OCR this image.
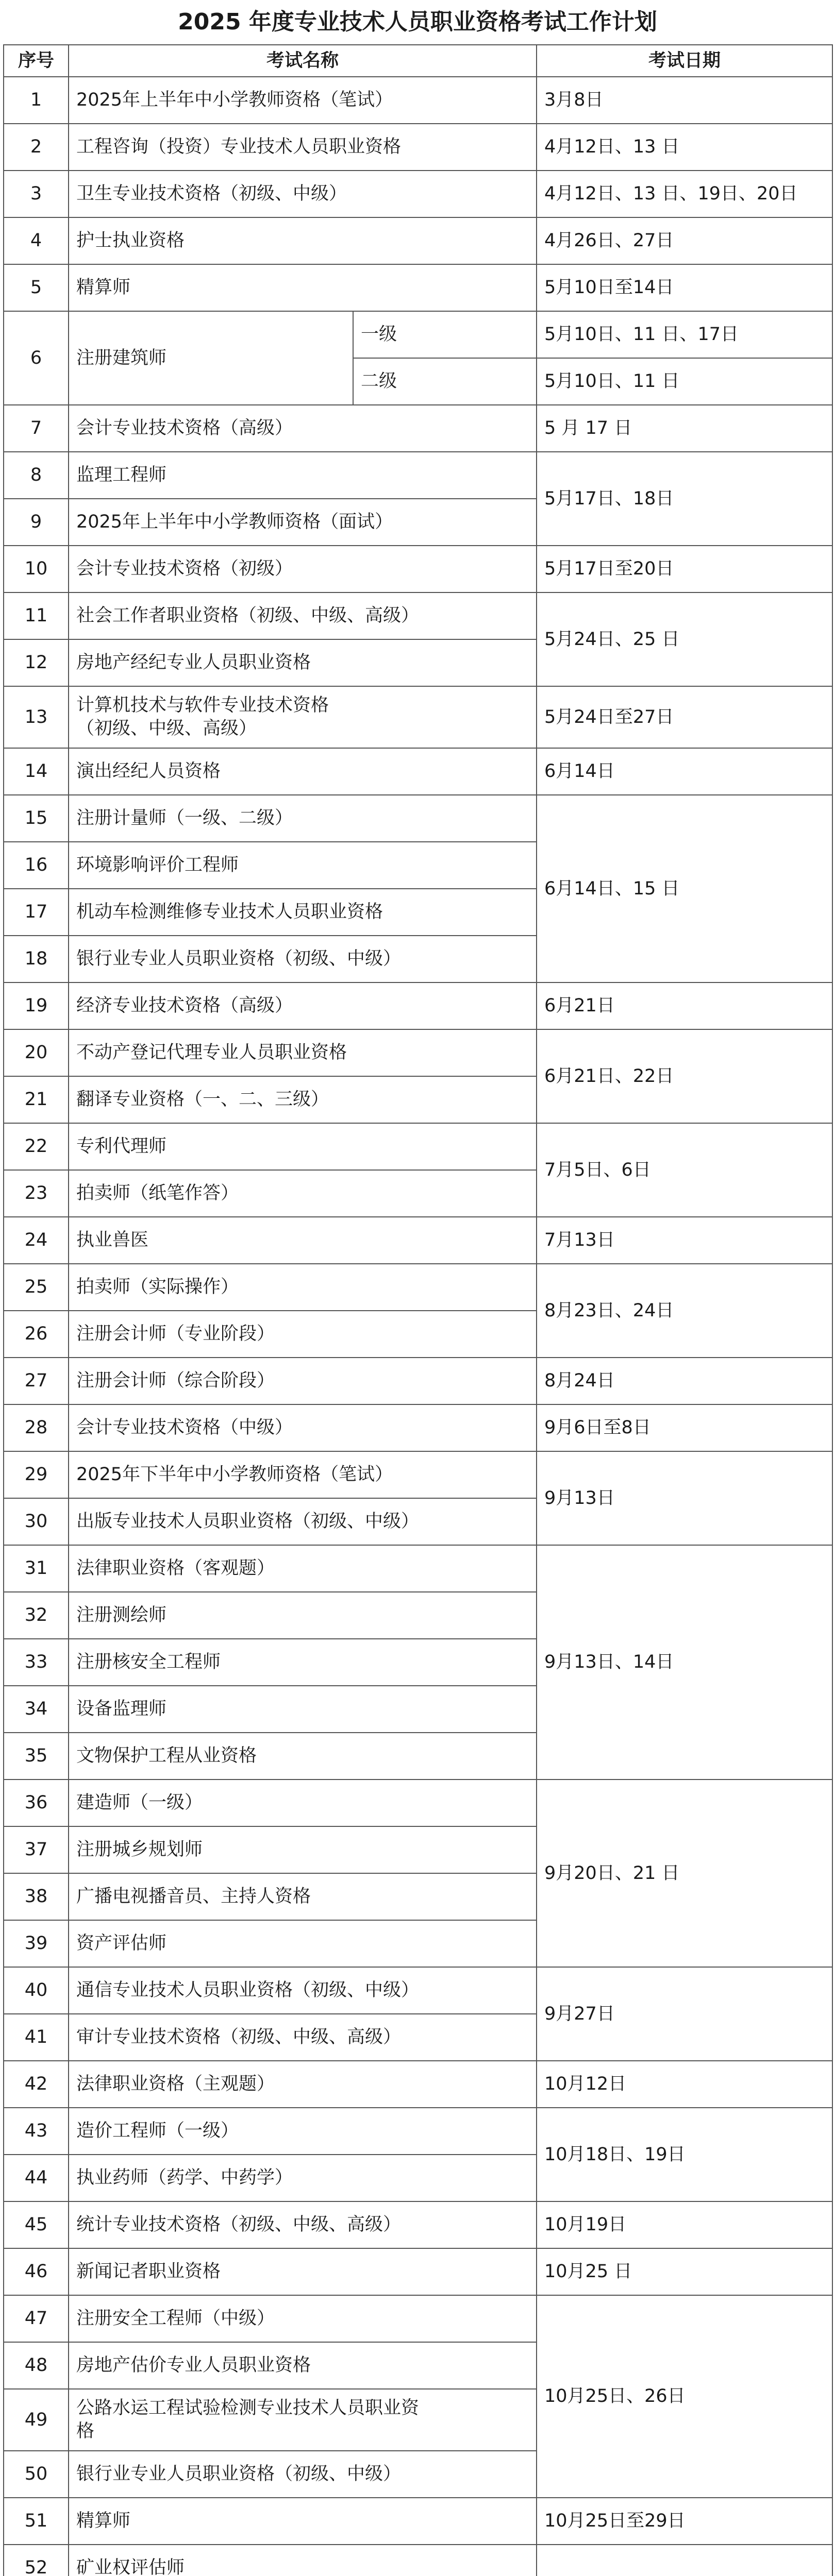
2025 年度专业技术人员职业资格考试工作计划
序号	考试名称				考试日期
1	2025年上半年中小学教师资格（笔试）				3月8日
2	工程咨询（投资）专业技术人员职业资格				4月12日、13 日
3	卫生专业技术资格（初级、中级）				4月12日、13 日、19日、20日
4	护士执业资格				4月26日、27日
5	精算师				5月10日至14日
6	注册建筑师			一级	5月10日、11 日、17日
				二级	5月10日、11 日
7	会计专业技术资格（高级）				5 月 17 日
8	监理工程师				5月17日、18日
9	2025年上半年中小学教师资格（面试）				
10	会计专业技术资格（初级）				5月17日至20日
11	社会工作者职业资格（初级、中级、高级）				5月24日、25 日
12	房地产经纪专业人员职业资格				
13	计算机技术与软件专业技术资格
（初级、中级、高级）				5月24日至27日
14	演出经纪人员资格				6月14日
15	注册计量师（一级、二级）				6月14日、15 日
16	环境影响评价工程师				
17	机动车检测维修专业技术人员职业资格				
18	银行业专业人员职业资格（初级、中级）				
19	经济专业技术资格（高级）				6月21日
20	不动产登记代理专业人员职业资格				6月21日、22日
21	翻译专业资格（一、二、三级）				
22	专利代理师				7月5日、6日
23	拍卖师（纸笔作答）				
24	执业兽医				7月13日
25	拍卖师（实际操作）				8月23日、24日
26	注册会计师（专业阶段）				
27	注册会计师（综合阶段）				8月24日
28	会计专业技术资格（中级）				9月6日至8日
29	2025年下半年中小学教师资格（笔试）				9月13日
30	出版专业技术人员职业资格（初级、中级）				
31	法律职业资格（客观题）				9月13日、14日
32	注册测绘师				
33	注册核安全工程师				
34	设备监理师				
35	文物保护工程从业资格				
36	建造师（一级）				9月20日、21 日
37	注册城乡规划师				
38	广播电视播音员、主持人资格				
39	资产评估师				
40	通信专业技术人员职业资格（初级、中级）				9月27日
41	审计专业技术资格（初级、中级、高级）				
42	法律职业资格（主观题）				10月12日
43	造价工程师（一级）				10月18日、19日
44	执业药师（药学、中药学）				
45	统计专业技术资格（初级、中级、高级）				10月19日
46	新闻记者职业资格				10月25 日
47	注册安全工程师（中级）				10月25日、26日
48	房地产估价专业人员职业资格				
49	公路水运工程试验检测专业技术人员职业资
格				

50	银行业专业人员职业资格（初级、中级）				
51	精算师				10月25日至29日
52	矿业权评估师	
